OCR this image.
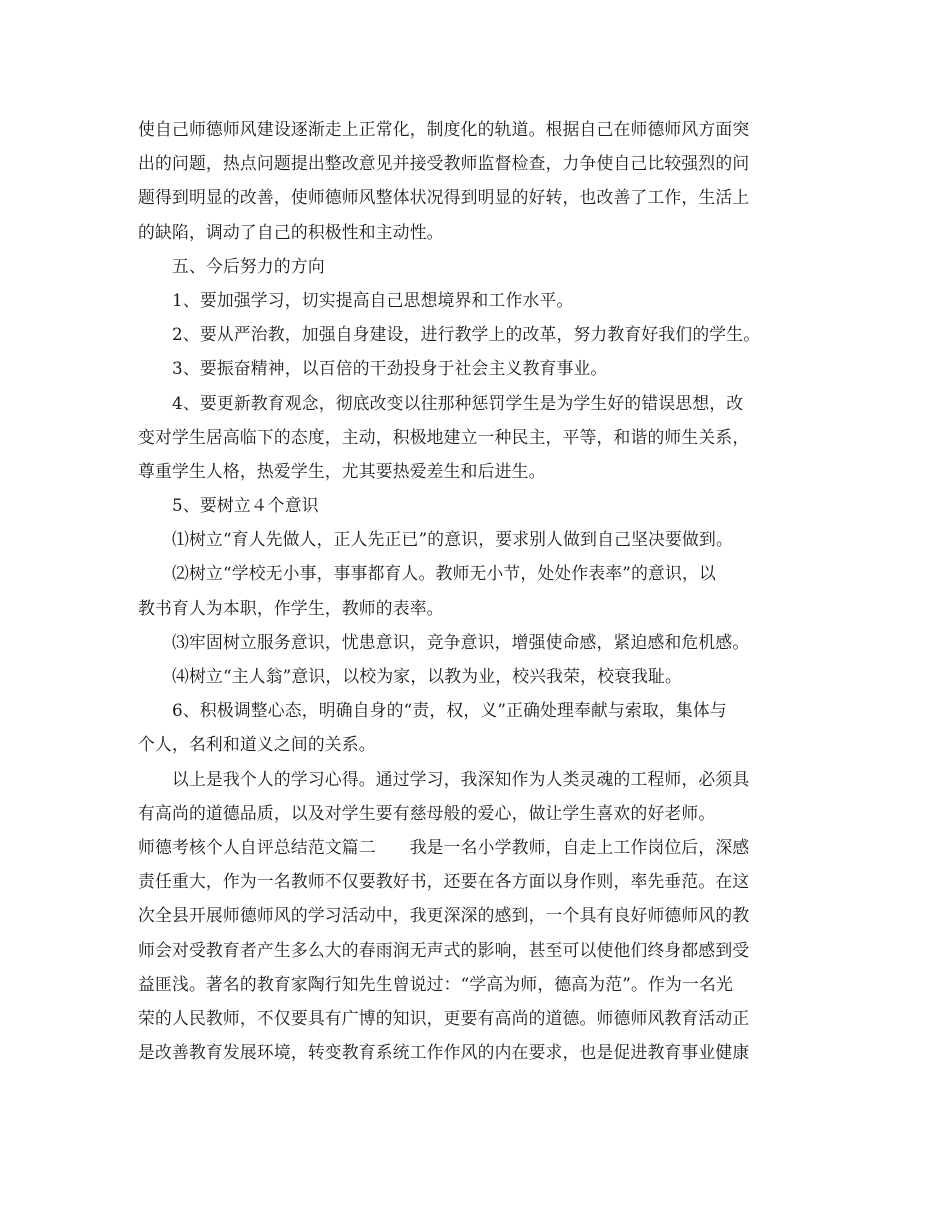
使自己师德师风建设逐渐走上正常化，制度化的轨道。根据自己在师德师风方面突
出的问题，热点问题提出整改意见并接受教师监督检查，力争使自己比较强烈的问
题得到明显的改善，使师德师风整体状况得到明显的好转，也改善了工作，生活上
的缺陷，调动了自己的积极性和主动性。
五、今后努力的方向
1、要加强学习，切实提高自己思想境界和工作水平。
2、要从严治教，加强自身建设，进行教学上的改革，努力教育好我们的学生。
3、要振奋精神，以百倍的干劲投身于社会主义教育事业。
4、要更新教育观念，彻底改变以往那种惩罚学生是为学生好的错误思想，改
变对学生居高临下的态度，主动，积极地建立一种民主，平等，和谐的师生关系，
尊重学生人格，热爱学生，尤其要热爱差生和后进生。
5、要树立４个意识
⑴树立“育人先做人，正人先正已”的意识，要求别人做到自己坚决要做到。
⑵树立“学校无小事，事事都育人。教师无小节，处处作表率”的意识，以
教书育人为本职，作学生，教师的表率。
⑶牢固树立服务意识，忧患意识，竞争意识，增强使命感，紧迫感和危机感。
⑷树立“主人翁”意识，以校为家，以教为业，校兴我荣，校衰我耻。
6、积极调整心态，明确自身的“责，权，义”正确处理奉献与索取，集体与
个人，名利和道义之间的关系。
以上是我个人的学习心得。通过学习，我深知作为人类灵魂的工程师，必须具
有高尚的道德品质，以及对学生要有慈母般的爱心，做让学生喜欢的好老师。
师德考核个人自评总结范文篇二　　我是一名小学教师，自走上工作岗位后，深感
责任重大，作为一名教师不仅要教好书，还要在各方面以身作则，率先垂范。在这
次全县开展师德师风的学习活动中，我更深深的感到，一个具有良好师德师风的教
师会对受教育者产生多么大的春雨润无声式的影响，甚至可以使他们终身都感到受
益匪浅。著名的教育家陶行知先生曾说过：“学高为师，德高为范”。作为一名光
荣的人民教师，不仅要具有广博的知识，更要有高尚的道德。师德师风教育活动正
是改善教育发展环境，转变教育系统工作作风的内在要求，也是促进教育事业健康
